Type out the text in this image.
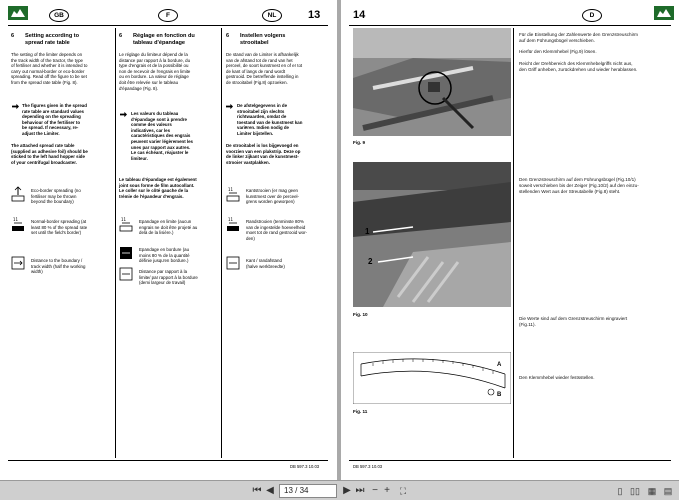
GB	F	NL	13
6 Setting according to
spread rate table
The setting of the limiter depends on
the track width of the tractor, the type
of fertiliser and whether it is intended to
carry out normal-border or eco-border
spreading. Read off the figure to be set
from the spread rate table (Fig. 8).
The figures given in the spread
rate table are standard values
depending on the spreading
behaviour of the fertiliser to
be spread. If necessary, re-
adjust the Limiter.
The attached spread rate table
(supplied as adhesive foil) should be
sticked to the left hand hopper side
of your centrifugal broadcaster.
6 Réglage en fonction du
tableau d'épandage
Le réglage du limiteur dépend de la
distance par rapport à la bordure, du
type d'engrais et de la possibilité ou
non de recevoir de l'engrais en limite
ou en bordure. La valeur de réglage
doit être relevée sur le tableau
d'épandage (Fig. 8).
Les valeurs du tableau
d'épandage sont à prendre
comme des valeurs
indicatives, car les
caractéristiques des engrais
peuvent varier légèrement les
unes par rapport aux autres.
Le cas échéant, réajuster le
limiteur.
Le tableau d'épandage est également
joint sous forme de film autocollant.
Le coller sur le côté gauche de la
trémie de l'épandeur d'engrais.
6 Instellen volgens
strooitabel
De stand van de Limiter is afhankelijk
van de afstand tot de rand van het
perceel, de soort kunstmest en of er tot
de kant of langs de rand wordt
gestrooid. De betreffende instelling in
de strooitabel (Fig.8) opzoeken.
De afstelgegevens in de
strooitabel zijn slechts
richtwaarden, omdat de
toestand van de kunstmest kan
variëren. Indien nodig de
Limiter bijstellen.
De strooitabel is los bijgevoegd en
voorzien van een plakstrip. Deze op
de linker zijkant van de kunstmest-
strooier vastplakken.
11	11
11
11
Eco-border spreading (no
fertiliser may be thrown
beyond the boundary)
Normal-border spreading (at
least 80 % of the spread rate
set until the field's border)
Distance to the boundary /
track width (half the working
width)
Epandage en limite (aucun
engrais ne doit être projeté au
delà de la lisière.)
Epandage en bordure (au
moins 80 % de la quantité
définie jusqu'en bordure.)
Distance par rapport à la
limite/ par rapport à la bordure
(demi largeur de travail)
Kantstrooien (er mag geen
kunstmest over de perceel-
grens worden geworpen)
Randstrooien (tenminste 80%
van de ingestelde hoeveelheid
moet tot de rand gestrooid wor-
den)
Kant / randafstand
(halve werkbreedte)
DB 597.3 10.03
14	D
Fig. 9
1
2
Fig. 10
A
B
Fig. 11
DB 597.3 10.03
Für die Einstellung der Zahlenwerte den Grenzstreuschirm
auf dem Führungsbügel verschieben.
Hierfür den Klemmhebel (Fig.9) lösen.
Reicht der Drehbereich des Klemmhebelgriffs nicht aus,
den Griff anheben, zurückdrehen und wieder herablassen.
Den Grenzstreuschirm auf dem Führungsbügel (Fig.10/1)
soweit verschieben bis der Zeiger (Fig.10/2) auf den einzu-
stellenden Wert aus der Streutabelle (Fig.8) steht.
Die Werte sind auf dem Grenzstreuschirm eingraviert
(Fig.11).
Den Klemmhebel wieder festsstellen.
⏮ ◀	13 / 34	▶ ⏭ − + ⛶	▯ ▯▯ ▦ ▤
